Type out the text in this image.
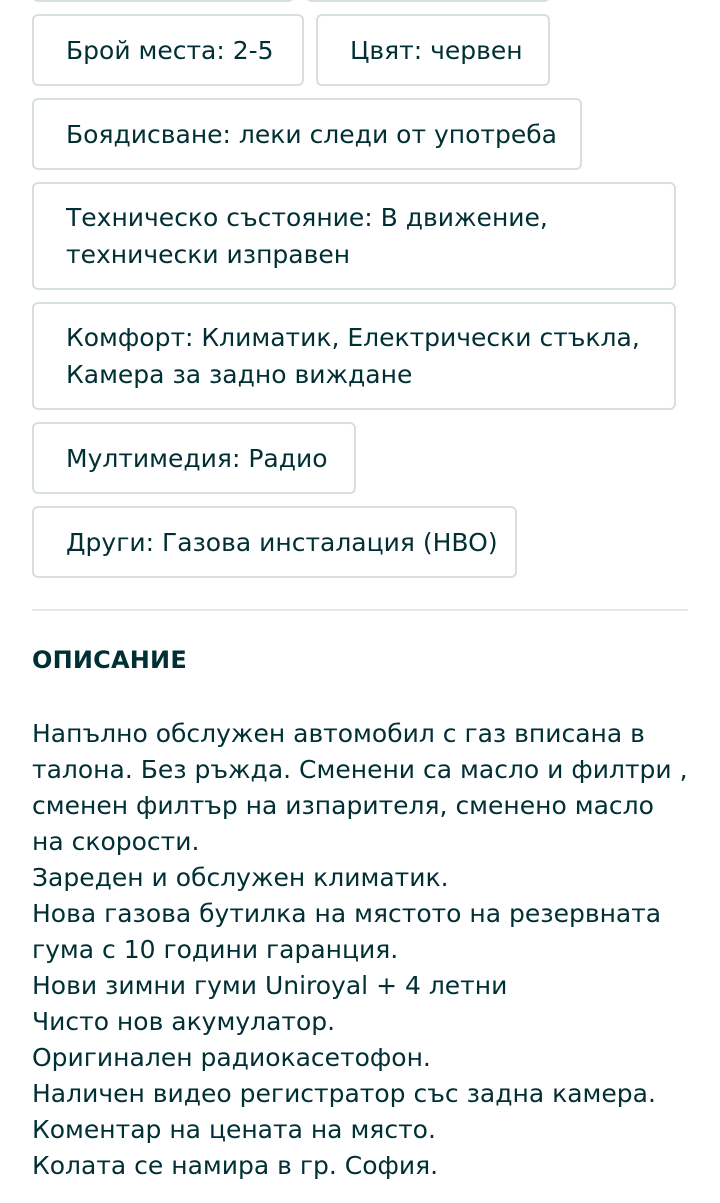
Брой места: 2-5	Цвят: червен
Боядисване: леки следи от употреба
Техническо състояние: В движение, технически изправен
Комфорт: Климатик, Електрически стъкла, Камера за задно виждане
Мултимедия: Радио
Други: Газова инсталация (HBO)
ОПИСАНИЕ
Напълно обслужен автомобил с газ вписана в
талона. Без ръжда. Сменени са масло и филтри ,
сменен филтър на изпарителя, сменено масло
на скорости.
Зареден и обслужен климатик.
Нова газова бутилка на мястото на резервната
гума с 10 години гаранция.
Нови зимни гуми Uniroyal + 4 летни
Чисто нов акумулатор.
Оригинален радиокасетофон.
Наличен видео регистратор със задна камера.
Коментар на цената на място.
Колата се намира в гр. София.
